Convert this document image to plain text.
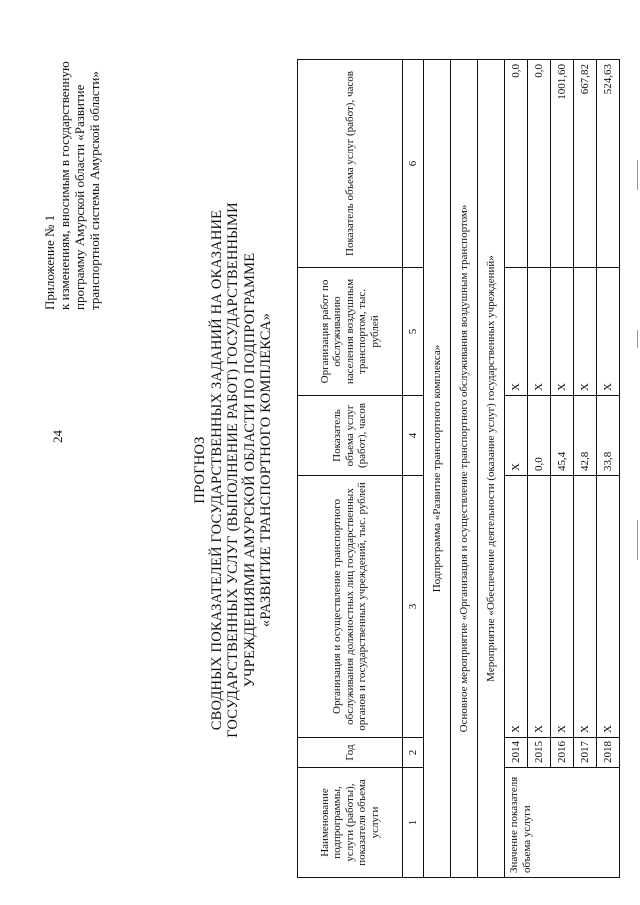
24
Приложение № 1 к изменениям, вносимым в государственную программу Амурской области «Развитие транспортной системы Амурской области»
ПРОГНОЗ СВОДНЫХ ПОКАЗАТЕЛЕЙ ГОСУДАРСТВЕННЫХ ЗАДАНИЙ НА ОКАЗАНИЕ ГОСУДАРСТВЕННЫХ УСЛУГ (ВЫПОЛНЕНИЕ РАБОТ) ГОСУДАРСТВЕННЫМИ УЧРЕЖДЕНИЯМИ АМУРСКОЙ ОБЛАСТИ ПО ПОДПРОГРАММЕ «РАЗВИТИЕ ТРАНСПОРТНОГО КОМПЛЕКСА»
Наименование подпрограммы, услуги (работы), показателя объема услуги	Год	Организация и осуществление транспортного обслуживания должностных лиц государственных органов и государственных учреждений, тыс. рублей	Показатель объема услуг (работ), часов	Организация работ по обслуживанию населения воздушным транспортом, тыс. рублей	Показатель объема услуг (работ), часов
1	2	3	4	5	6
Подпрограмма «Развитие транспортного комплекса»					
Основное мероприятие «Организация и осуществление транспортного обслуживания воздушным транспортом»					
Мероприятие «Обеспечение деятельности (оказание услуг) государственных учреждений»					
Значение показателя объема услуги	2014	Х	Х	Х	0,0
	2015	Х	0,0	Х	0,0
	2016	Х	45,4	Х	1001,60
	2017	Х	42,8	Х	667,82
	2018	Х	33,8	Х	524,63
